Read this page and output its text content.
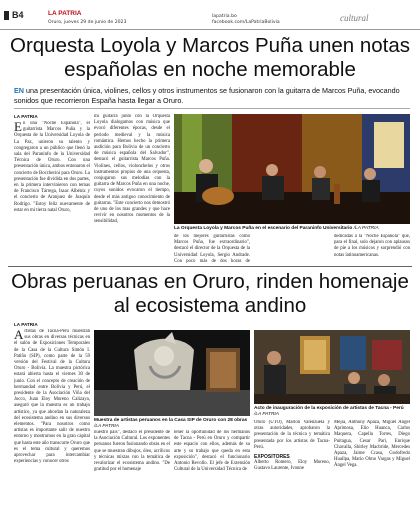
B4	LA PATRIA
Oruro, jueves 29 de junio de 2023
lapatria.bo
facebook.com/LaPatriaBolivia	cultural
Orquesta Loyola y Marcos Puña unen notas españolas en noche memorable
EN una presentación única, violines, cellos y otros instrumentos se fusionaron con la guitarra de Marcos Puña, evocando sonidos que recorrieron España hasta llegar a Oruro.
LA PATRIA
En una "Noche Española", el guitarrista Marcos Puña y la Orquesta de la Universidad Loyola de La Paz, unieron su talento y congregaron a un público que llenó la sala del Paraninfo de la Universidad Técnica de Oruro. Con una presentación única, ambos entonaron el concierto de Boccherini para Oruro. La presentación fue dividida en dos partes, en la primera intervinieron con temas de Francisco Tárrega, Isaac Albéniz y el concierto de Aranjuez de Joaquín Rodrigo. "Estoy feliz nuevamente de estar en mi tierra natal Oruro,
mi guitarra junto con la Orquesta Loyola dialogamos con música que evocó diferentes épocas, desde el periodo medieval y la música romántica. Hemos hecho la primera audición para Bolivia de un concierto de música española del Salvador", destacó el guitarrista Marcos Puña. Violines, cellos, violonchelos y otros instrumentos propios de una orquesta, conjugaron sus melodías con la guitarra de Marcos Puña en una noche, cuyos sonidos evocaron el tiempo, desde el más antiguo conocimiento de guitarras. "Este concierto nos demostró de uno de los mas grandes y que hace revivir en nosotros momentos de la sensibilidad,
La Orquesta Loyola y Marcos Puña en el escenario del Paraninfo Universitario /LA PATRIA
de los mejores guitarristas como Marcos Puña, fue extraordinario", destacó el director de la Orquesta de la Universidad Loyola, Sergio Andrade. Con poco más de dos horas de
dedicadas a la "Noche Española" que, para el final, solo dejaron con aplausos de pie a los músicos y sorprendió con notas latinoamericanas.
Obras peruanas en Oruro, rinden homenaje al ecosistema andino
LA PATRIA
Artistas de Tacna-Perú muestran sus obras en diversas técnicas en el salón de Exposiciones Temporales de la Casa de la Cultura Simón I. Patiño (SIP), como parte de la 59 versión del Festival de la Cultura Oruro - Bolivia. La muestra pictórica estará abierta hasta el viernes 30 de junio. Con el concepto de creación de hermandad entre Bolivia y Perú, el presidente de la Asociación Viña del Jocco, Juan Eloy Moreno Calizaya, aseguró que la muestra es un trabajo artístico, ya que abordan la naturaleza del ecosistema andino en sus diversos elementos. "Para nosotros como artistas es importante salir de nuestro entorno y mostrarnos en la gran capital que hasta este año transcurre Oruro que es el tema cultural y queremos aprovechar para intercambiar experiencias y conocer otros
Muestra de artistas peruanos en la Casa SIP de Oruro con 28 obras /LA PATRIA
Acto de inauguración de la exposición de artistas de Tacna - Perú /LA PATRIA
nuestro país", destacó el presidente de la Asociación Cultural. Los exponentes peruanos fueron fusionando obras en el que se muestran dibujos, óleo, acrílicos y técnicas mixtas con la temática de revalorizar el ecosistema andino. "De gratitud por el homenaje
tener la oportunidad de los hermanos de Tacna - Perú en Oruro y compartir este espacio con ellos, además de su arte y su trabajo que queda en esta exposición", destacó el funcionario Antonio Revollo. El jefe de Extensión Cultural de la Universidad Técnica de
Oruro (UTO), Marlon Valenzuela y otras autoridades, aprobaron la presentación de la técnica y temática presentada por los artistas de Tacna-Perú.
EXPOSITORES
Alberto Romero, Eloy Moreno, Gustavo Laurente, Ivonne
Mejía, Anthony Apaza, Miguel Ángel Aprimosa, Elio Huanca, Carlos Maquera, Capella Torres, Diego Puitagua, Cesar Pari, Enrique Chavalla, Shirley Macbride, Mercedes Apaza, Jaime Ccasa, Godofredo Huallpa, Mario Olmo Vargas y Miguel Ángel Vega.
